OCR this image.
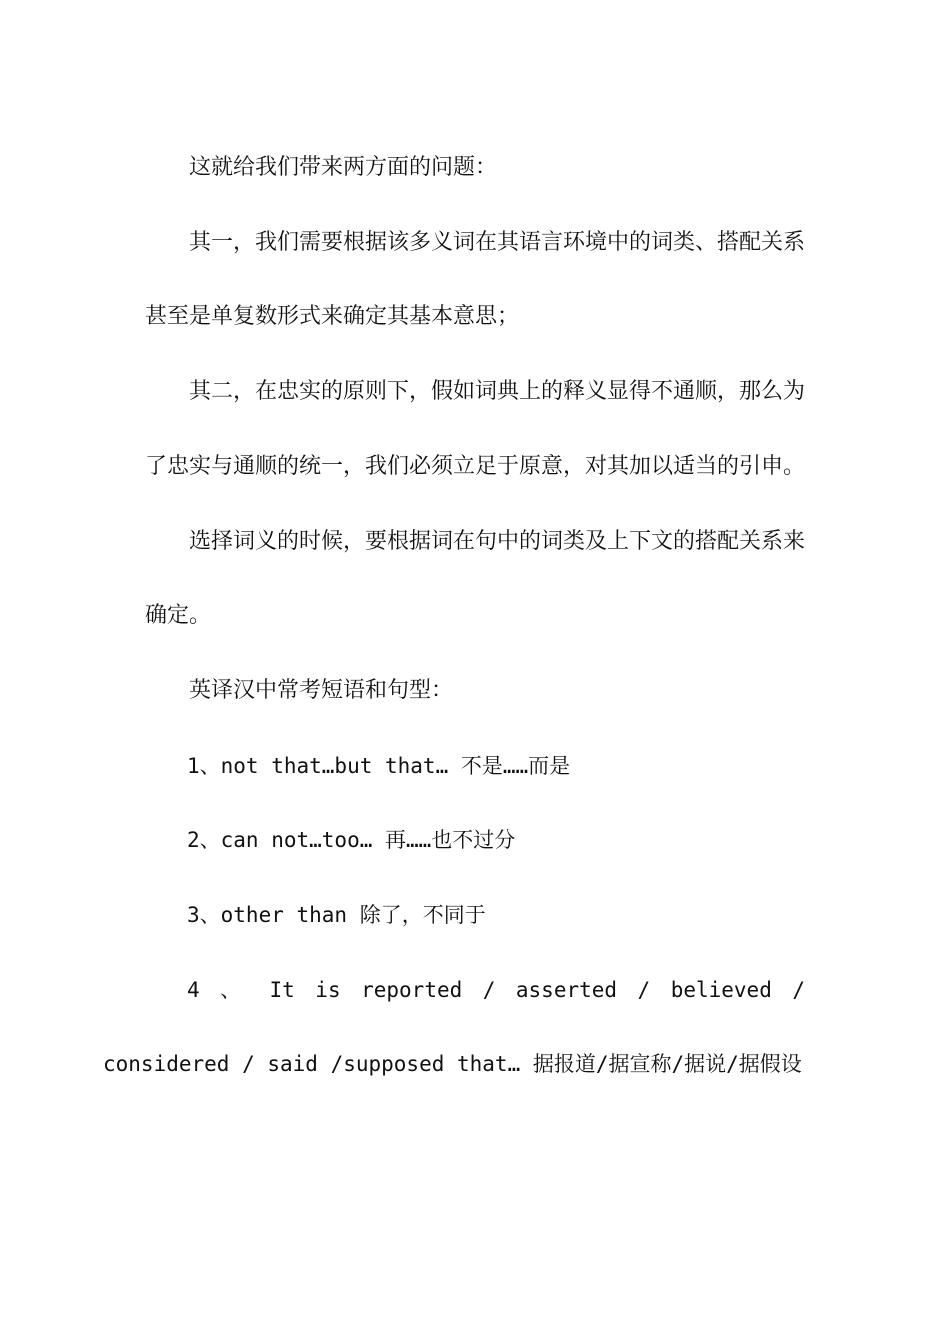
这就给我们带来两方面的问题：

其一，我们需要根据该多义词在其语言环境中的词类、搭配关系甚至是单复数形式来确定其基本意思；

其二，在忠实的原则下，假如词典上的释义显得不通顺，那么为了忠实与通顺的统一，我们必须立足于原意，对其加以适当的引申。

选择词义的时候，要根据词在句中的词类及上下文的搭配关系来确定。

英译汉中常考短语和句型：

1、not that…but that… 不是……而是

2、can not…too… 再……也不过分

3、other than 除了，不同于

4 、 It is reported / asserted / believed /
considered / said /supposed that… 据报道/据宣称/据说/据假设
